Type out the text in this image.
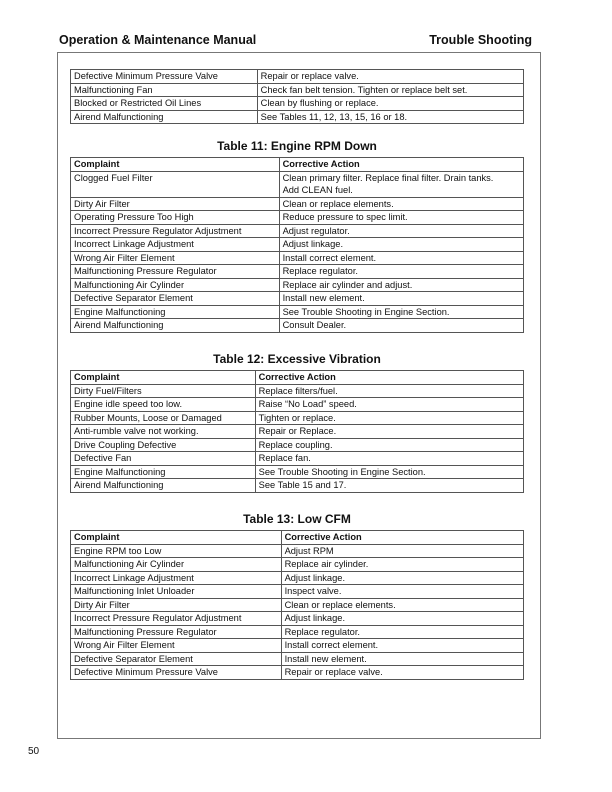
Operation & Maintenance Manual	Trouble Shooting
Defective Minimum Pressure Valve	Repair or replace valve.
Malfunctioning Fan	Check fan belt tension. Tighten or replace belt set.
Blocked or Restricted Oil Lines	Clean by flushing or replace.
Airend Malfunctioning	See Tables 11, 12, 13, 15, 16 or 18.
Table 11: Engine RPM Down
Complaint	Corrective Action
Clogged Fuel Filter	Clean primary filter. Replace final filter. Drain tanks.
Add CLEAN fuel.
Dirty Air Filter	Clean or replace elements.
Operating Pressure Too High	Reduce pressure to spec limit.
Incorrect Pressure Regulator Adjustment	Adjust regulator.
Incorrect Linkage Adjustment	Adjust linkage.
Wrong Air Filter Element	Install correct element.
Malfunctioning Pressure Regulator	Replace regulator.
Malfunctioning Air Cylinder	Replace air cylinder and adjust.
Defective Separator Element	Install new element.
Engine Malfunctioning	See Trouble Shooting in Engine Section.
Airend Malfunctioning	Consult Dealer.
Table 12: Excessive Vibration
Complaint	Corrective Action
Dirty Fuel/Filters	Replace filters/fuel.
Engine idle speed too low.	Raise “No Load” speed.
Rubber Mounts, Loose or Damaged	Tighten or replace.
Anti-rumble valve not working.	Repair or Replace.
Drive Coupling Defective	Replace coupling.
Defective Fan	Replace fan.
Engine Malfunctioning	See Trouble Shooting in Engine Section.
Airend Malfunctioning	See Table 15 and 17.
Table 13: Low CFM
Complaint	Corrective Action
Engine RPM too Low	Adjust RPM
Malfunctioning Air Cylinder	Replace air cylinder.
Incorrect Linkage Adjustment	Adjust linkage.
Malfunctioning Inlet Unloader	Inspect valve.
Dirty Air Filter	Clean or replace elements.
Incorrect Pressure Regulator Adjustment	Adjust linkage.
Malfunctioning Pressure Regulator	Replace regulator.
Wrong Air Filter Element	Install correct element.
Defective Separator Element	Install new element.
Defective Minimum Pressure Valve	Repair or replace valve.
50
